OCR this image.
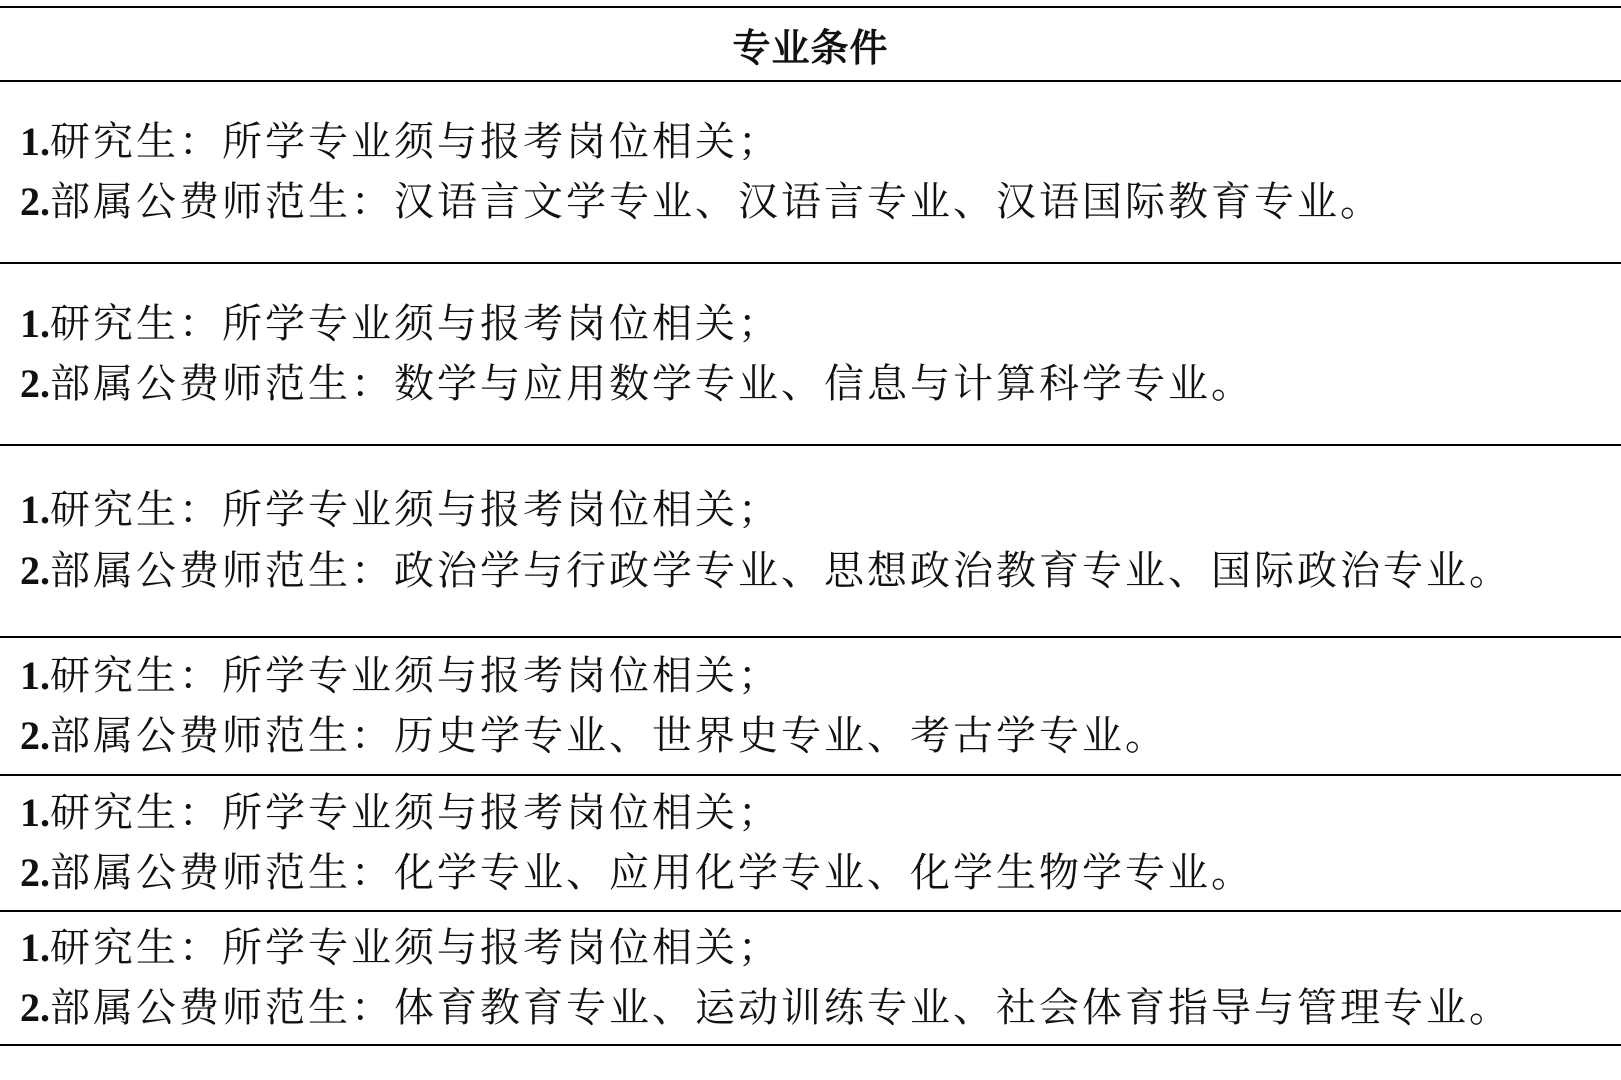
专业条件
1.研究生：所学专业须与报考岗位相关；
2.部属公费师范生：汉语言文学专业、汉语言专业、汉语国际教育专业。
1.研究生：所学专业须与报考岗位相关；
2.部属公费师范生：数学与应用数学专业、信息与计算科学专业。
1.研究生：所学专业须与报考岗位相关；
2.部属公费师范生：政治学与行政学专业、思想政治教育专业、国际政治专业。
1.研究生：所学专业须与报考岗位相关；
2.部属公费师范生：历史学专业、世界史专业、考古学专业。
1.研究生：所学专业须与报考岗位相关；
2.部属公费师范生：化学专业、应用化学专业、化学生物学专业。
1.研究生：所学专业须与报考岗位相关；
2.部属公费师范生：体育教育专业、运动训练专业、社会体育指导与管理专业。
